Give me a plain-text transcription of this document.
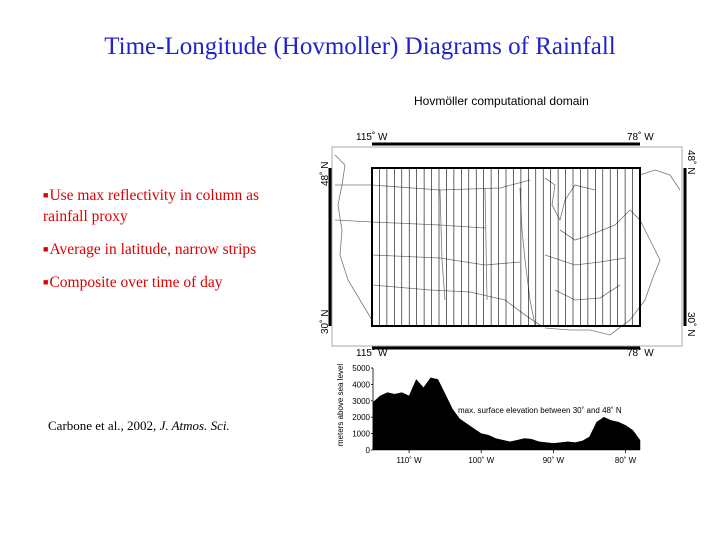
Time-Longitude (Hovmoller) Diagrams of Rainfall
■Use max reflectivity in column as rainfall proxy
■Average in latitude, narrow strips
■Composite over time of day
Carbone et al., 2002, J. Atmos. Sci.
Hovmöller computational domain
115˚ W	78˚ W
115˚ W	78˚ W
48˚ N
30˚ N
48˚ N
30˚ N
meters above sea level 5000
4000
3000
2000
1000
0
110˚ W	100˚ W	90˚ W	80˚ W
max. surface elevation between 30˚ and 48˚ N
